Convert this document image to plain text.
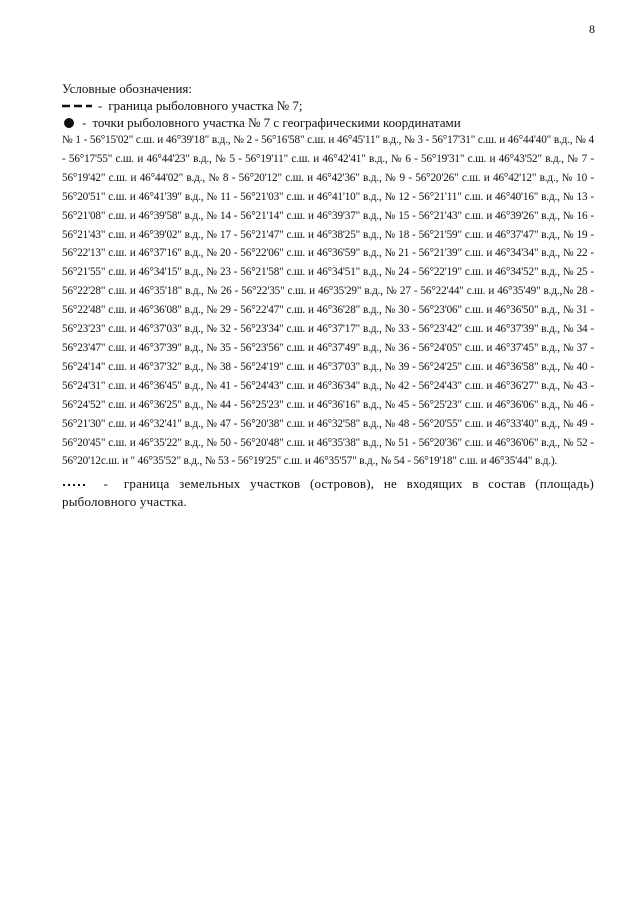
8

Условные обозначения:

- граница рыболовного участка № 7;
- точки рыболовного участка № 7 с географическими координатами

№ 1 - 56°15'02" с.ш. и 46°39'18" в.д., № 2 - 56°16'58" с.ш. и 46°45'11" в.д., № 3 - 56°17'31" с.ш. и 46°44'40" в.д., № 4 - 56°17'55" с.ш. и 46°44'23" в.д., № 5 - 56°19'11" с.ш. и 46°42'41" в.д., № 6 - 56°19'31" с.ш. и 46°43'52" в.д., № 7 - 56°19'42" с.ш. и 46°44'02" в.д., № 8 - 56°20'12" с.ш. и 46°42'36" в.д., № 9 - 56°20'26" с.ш. и 46°42'12" в.д., № 10 - 56°20'51" с.ш. и 46°41'39" в.д., № 11 - 56°21'03" с.ш. и 46°41'10" в.д., № 12 - 56°21'11" с.ш. и 46°40'16" в.д., № 13 - 56°21'08" с.ш. и 46°39'58" в.д., № 14 - 56°21'14" с.ш. и 46°39'37" в.д., № 15 - 56°21'43" с.ш. и 46°39'26" в.д., № 16 - 56°21'43" с.ш. и 46°39'02" в.д., № 17 - 56°21'47" с.ш. и 46°38'25" в.д., № 18 - 56°21'59" с.ш. и 46°37'47" в.д., № 19 - 56°22'13" с.ш. и 46°37'16" в.д., № 20 - 56°22'06" с.ш. и 46°36'59" в.д., № 21 - 56°21'39" с.ш. и 46°34'34" в.д., № 22 - 56°21'55" с.ш. и 46°34'15" в.д., № 23 - 56°21'58" с.ш. и 46°34'51" в.д., № 24 - 56°22'19" с.ш. и 46°34'52" в.д., № 25 - 56°22'28" с.ш. и 46°35'18" в.д., № 26 - 56°22'35" с.ш. и 46°35'29" в.д., № 27 - 56°22'44" с.ш. и 46°35'49" в.д.,№ 28 - 56°22'48" с.ш. и 46°36'08" в.д., № 29 - 56°22'47" с.ш. и 46°36'28" в.д., № 30 - 56°23'06" с.ш. и 46°36'50" в.д., № 31 - 56°23'23" с.ш. и 46°37'03" в.д., № 32 - 56°23'34" с.ш. и 46°37'17" в.д., № 33 - 56°23'42" с.ш. и 46°37'39" в.д., № 34 - 56°23'47" с.ш. и 46°37'39" в.д., № 35 - 56°23'56" с.ш. и 46°37'49" в.д., № 36 - 56°24'05" с.ш. и 46°37'45" в.д., № 37 - 56°24'14" с.ш. и 46°37'32" в.д., № 38 - 56°24'19" с.ш. и 46°37'03" в.д., № 39 - 56°24'25" с.ш. и 46°36'58" в.д., № 40 - 56°24'31" с.ш. и 46°36'45" в.д., № 41 - 56°24'43" с.ш. и 46°36'34" в.д., № 42 - 56°24'43" с.ш. и 46°36'27" в.д., № 43 - 56°24'52" с.ш. и 46°36'25" в.д., № 44 - 56°25'23" с.ш. и 46°36'16" в.д., № 45 - 56°25'23" с.ш. и 46°36'06" в.д., № 46 - 56°21'30" с.ш. и 46°32'41" в.д., № 47 - 56°20'38" с.ш. и 46°32'58" в.д., № 48 - 56°20'55" с.ш. и 46°33'40" в.д., № 49 - 56°20'45" с.ш. и 46°35'22" в.д., № 50 - 56°20'48" с.ш. и 46°35'38" в.д., № 51 - 56°20'36" с.ш. и 46°36'06" в.д., № 52 - 56°20'12с.ш. и " 46°35'52" в.д., № 53 - 56°19'25" с.ш. и 46°35'57" в.д., № 54 - 56°19'18" с.ш. и 46°35'44" в.д.).

- граница земельных участков (островов), не входящих в состав (площадь) рыболовного участка.
